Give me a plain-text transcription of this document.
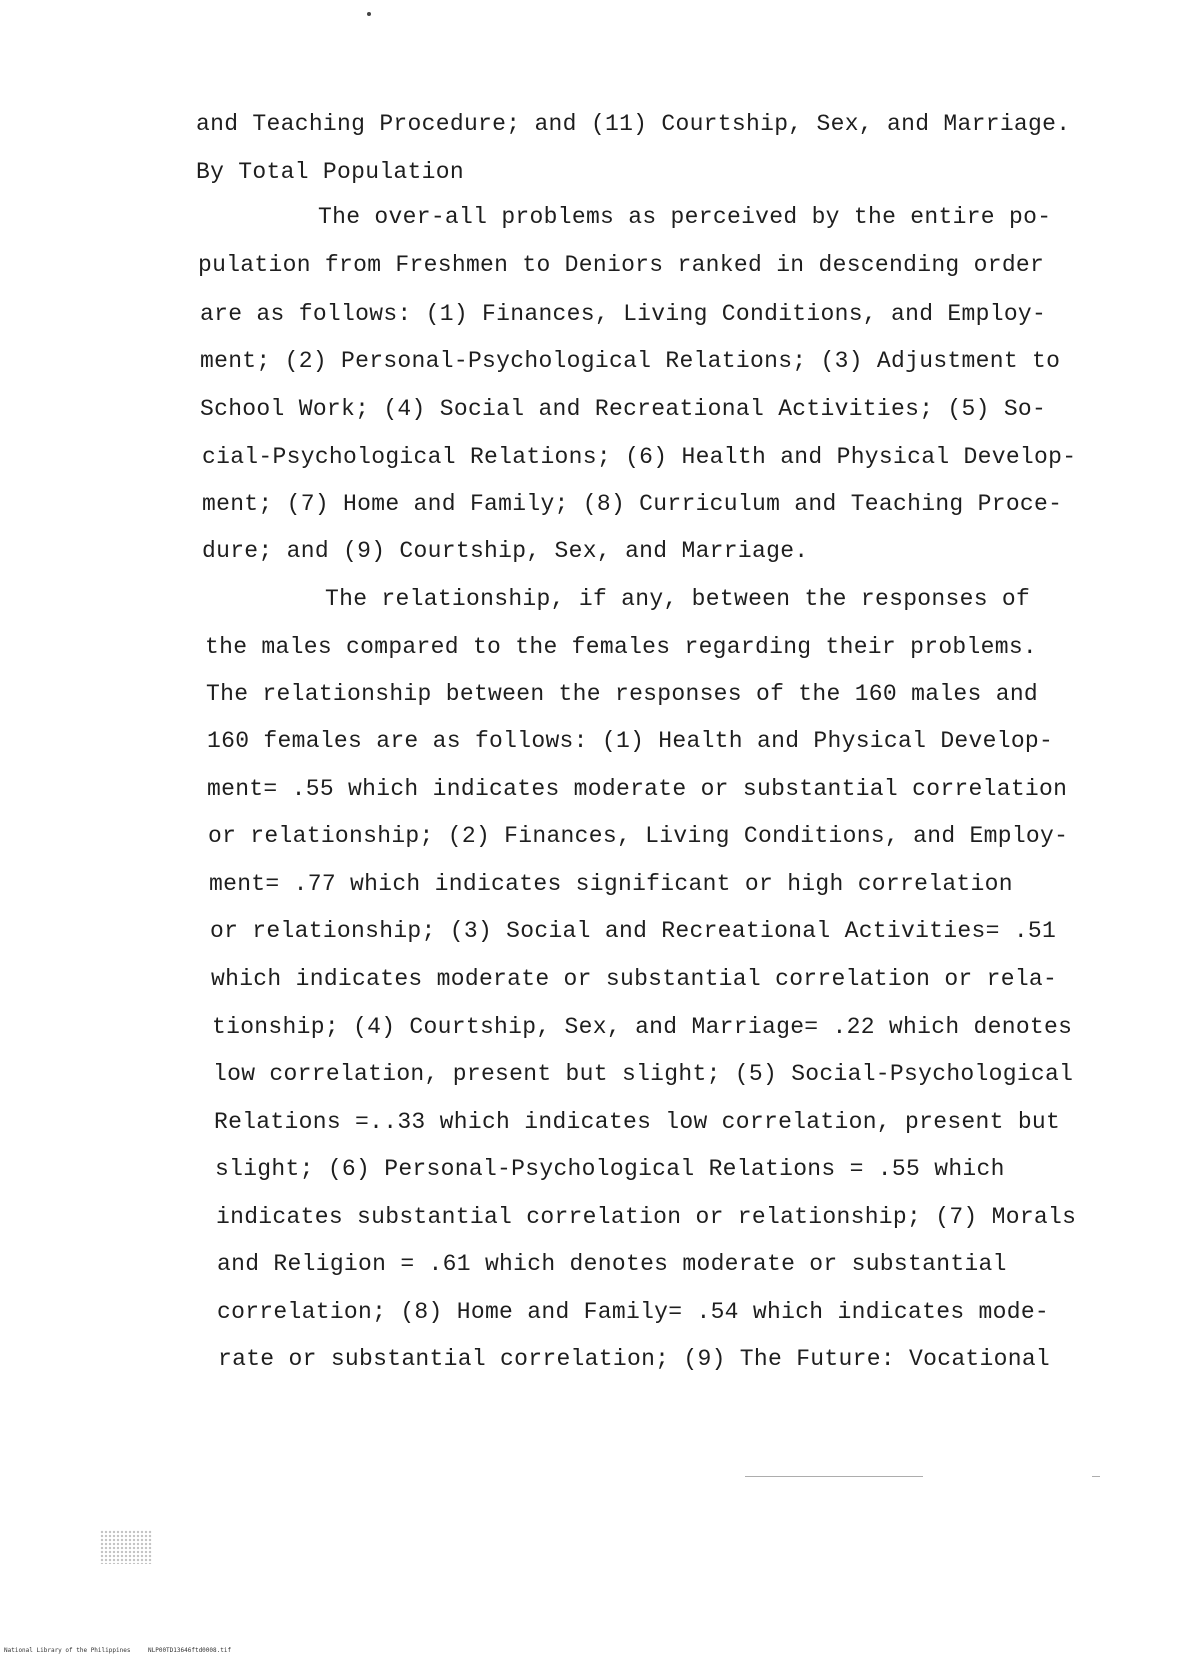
and Teaching Procedure; and (11) Courtship, Sex, and Marriage.
By Total Population
The over-all problems as perceived by the entire po-
pulation from Freshmen to Deniors ranked in descending order
are as follows: (1) Finances, Living Conditions, and Employ-
ment; (2) Personal-Psychological Relations; (3) Adjustment to
School Work; (4) Social and Recreational Activities; (5) So-
cial-Psychological Relations; (6) Health and Physical Develop-
ment; (7) Home and Family; (8) Curriculum and Teaching Proce-
dure; and (9) Courtship, Sex, and Marriage.
The relationship, if any, between the responses of
the males compared to the females regarding their problems.
The relationship between the responses of the 160 males and
160 females are as follows: (1) Health and Physical Develop-
ment= .55 which indicates moderate or substantial correlation
or relationship; (2) Finances, Living Conditions, and Employ-
ment= .77 which indicates significant or high correlation
or relationship; (3) Social and Recreational Activities= .51
which indicates moderate or substantial correlation or rela-
tionship; (4) Courtship, Sex, and Marriage= .22 which denotes
low correlation, present but slight; (5) Social-Psychological
Relations =..33 which indicates low correlation, present but
slight; (6) Personal-Psychological Relations = .55 which
indicates substantial correlation or relationship; (7) Morals
and Religion = .61 which denotes moderate or substantial
correlation; (8) Home and Family= .54 which indicates mode-
rate or substantial correlation; (9) The Future: Vocational
National Library of the Philippines	NLP00TD13646ftd0008.tif
